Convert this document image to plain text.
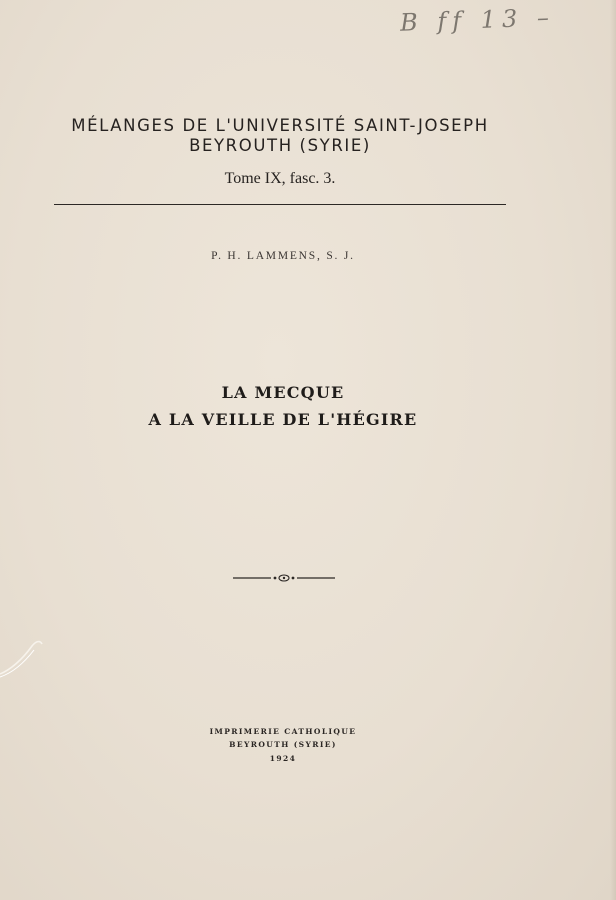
B ff 13 –
MÉLANGES DE L'UNIVERSITÉ SAINT-JOSEPH
BEYROUTH (SYRIE)
Tome IX, fasc. 3.
P. H. LAMMENS, S. J.
LA MECQUE
A LA VEILLE DE L'HÉGIRE
IMPRIMERIE CATHOLIQUE
BEYROUTH (SYRIE)
1924
